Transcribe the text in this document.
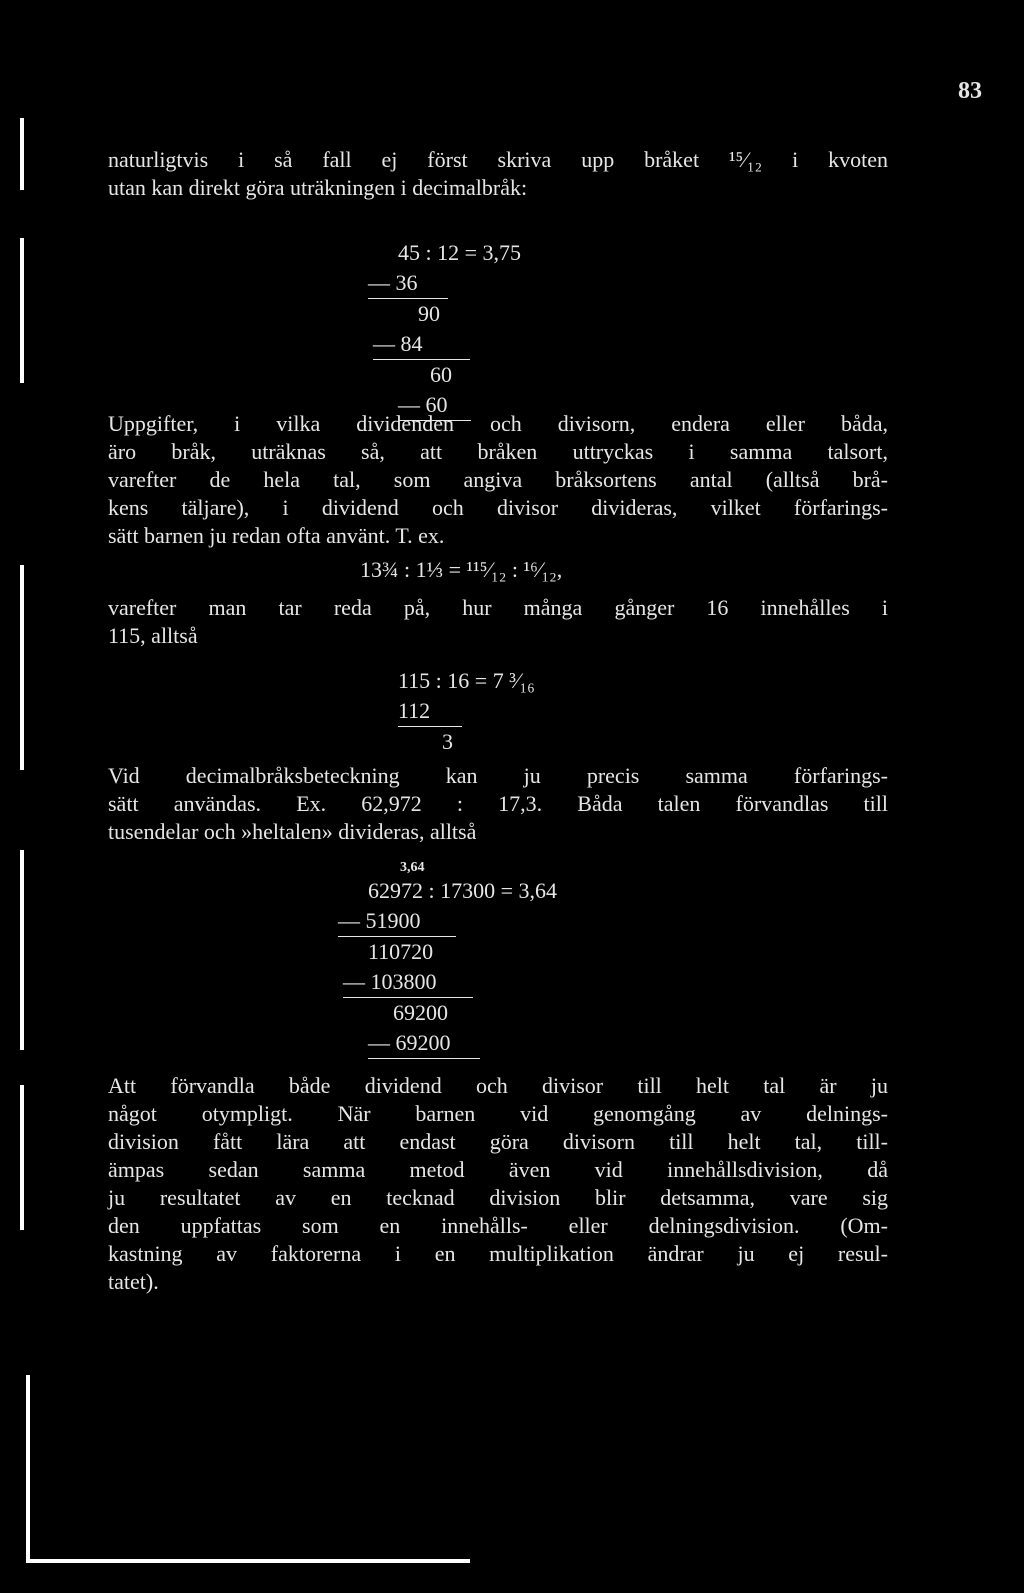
83
naturligtvis i så fall ej först skriva upp bråket ¹⁵⁄₁₂ i kvoten
utan kan direkt göra uträkningen i decimalbråk:
45 : 12 = 3,75
— 36
90
— 84
60
— 60
Uppgifter, i vilka dividenden och divisorn, endera eller båda,
äro bråk, uträknas så, att bråken uttryckas i samma talsort,
varefter de hela tal, som angiva bråksortens antal (alltså brå-
kens täljare), i dividend och divisor divideras, vilket förfarings-
sätt barnen ju redan ofta använt. T. ex.
13¾ : 1⅓ = ¹¹⁵⁄₁₂ : ¹⁶⁄₁₂,
varefter man tar reda på, hur många gånger 16 innehålles i
115, alltså
115 : 16 = 7 ³⁄₁₆
112
3
Vid decimalbråksbeteckning kan ju precis samma förfarings-
sätt användas. Ex. 62,972 : 17,3. Båda talen förvandlas till
tusendelar och »heltalen» divideras, alltså
3,64
62972 : 17300 = 3,64
— 51900
110720
— 103800
69200
— 69200
Att förvandla både dividend och divisor till helt tal är ju
något otympligt. När barnen vid genomgång av delnings-
division fått lära att endast göra divisorn till helt tal, till-
ämpas sedan samma metod även vid innehållsdivision, då
ju resultatet av en tecknad division blir detsamma, vare sig
den uppfattas som en innehålls- eller delningsdivision. (Om-
kastning av faktorerna i en multiplikation ändrar ju ej resul-
tatet).
